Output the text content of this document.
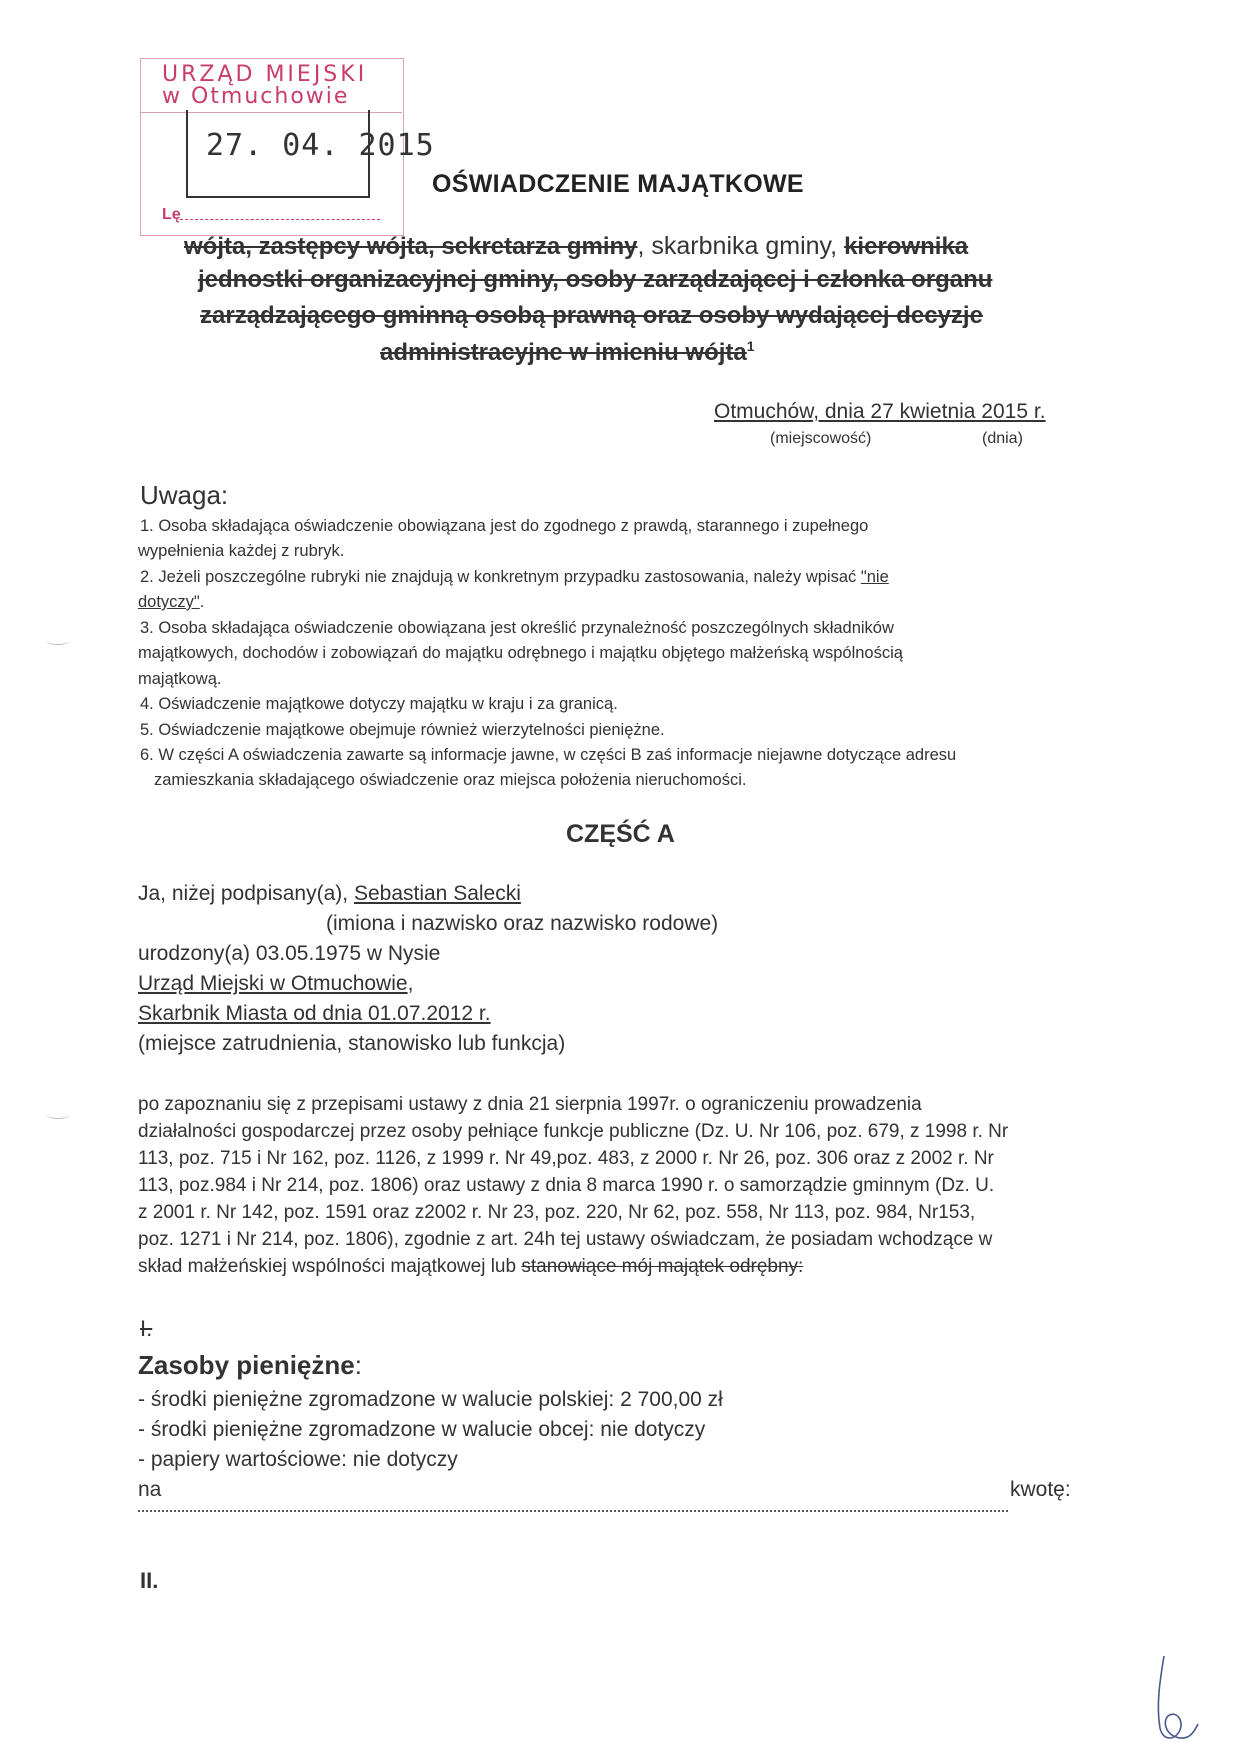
URZĄD MIEJSKI
w Otmuchowie
27. 04. 2015
Lę
OŚWIADCZENIE MAJĄTKOWE
wójta, zastępcy wójta, sekretarza gminy, skarbnika gminy, kierownika
jednostki organizacyjnej gminy, osoby zarządzającej i członka organu
zarządzającego gminną osobą prawną oraz osoby wydającej decyzje
administracyjne w imieniu wójta$^1$
Otmuchów, dnia 27 kwietnia 2015 r.
(miejscowość)	(dnia)
Uwaga:
1. Osoba składająca oświadczenie obowiązana jest do zgodnego z prawdą, starannego i zupełnego
wypełnienia każdej z rubryk.
2. Jeżeli poszczególne rubryki nie znajdują w konkretnym przypadku zastosowania, należy wpisać "nie
dotyczy".
3. Osoba składająca oświadczenie obowiązana jest określić przynależność poszczególnych składników
majątkowych, dochodów i zobowiązań do majątku odrębnego i majątku objętego małżeńską wspólnością
majątkową.
4. Oświadczenie majątkowe dotyczy majątku w kraju i za granicą.
5. Oświadczenie majątkowe obejmuje również wierzytelności pieniężne.
6. W części A oświadczenia zawarte są informacje jawne, w części B zaś informacje niejawne dotyczące adresu
zamieszkania składającego oświadczenie oraz miejsca położenia nieruchomości.
CZĘŚĆ A
Ja, niżej podpisany(a), Sebastian Salecki
(imiona i nazwisko oraz nazwisko rodowe)
urodzony(a) 03.05.1975 w Nysie
Urząd Miejski w Otmuchowie,
Skarbnik Miasta od dnia 01.07.2012 r.
(miejsce zatrudnienia, stanowisko lub funkcja)
po zapoznaniu się z przepisami ustawy z dnia 21 sierpnia 1997r. o ograniczeniu prowadzenia
działalności gospodarczej przez osoby pełniące funkcje publiczne (Dz. U. Nr 106, poz. 679, z 1998 r. Nr
113, poz. 715 i Nr 162, poz. 1126, z 1999 r. Nr 49,poz. 483, z 2000 r. Nr 26, poz. 306 oraz z 2002 r. Nr
113, poz.984 i Nr 214, poz. 1806) oraz ustawy z dnia 8 marca 1990 r. o samorządzie gminnym (Dz. U.
z 2001 r. Nr 142, poz. 1591 oraz z2002 r. Nr 23, poz. 220, Nr 62, poz. 558, Nr 113, poz. 984, Nr153,
poz. 1271 i Nr 214, poz. 1806), zgodnie z art. 24h tej ustawy oświadczam, że posiadam wchodzące w
skład małżeńskiej wspólności majątkowej lub stanowiące mój majątek odrębny:
I.
Zasoby pieniężne:
- środki pieniężne zgromadzone w walucie polskiej: 2 700,00 zł
- środki pieniężne zgromadzone w walucie obcej: nie dotyczy
- papiery wartościowe: nie dotyczy
na	kwotę:
II.
